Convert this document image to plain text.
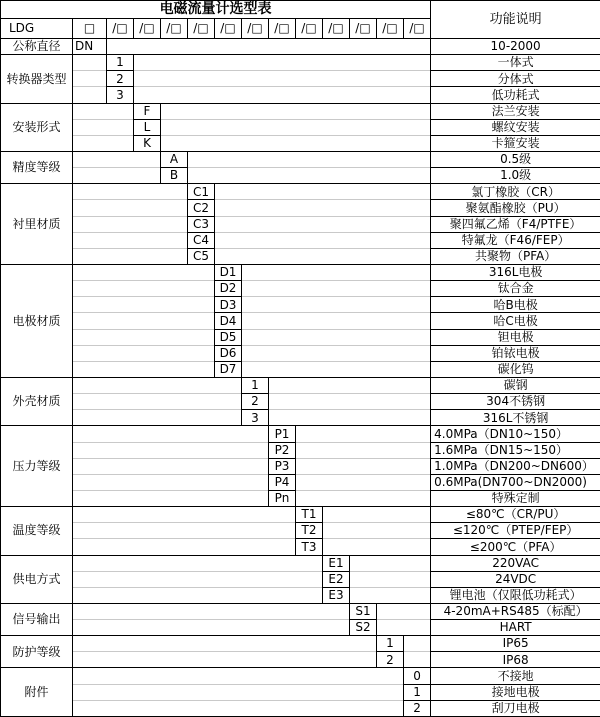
电磁流量计选型表														功能说明
LDG	□	/□	/□	/□	/□	/□	/□	/□	/□	/□	/□	/□	/□	
公称直径	DN													10-2000
转换器类型		1												一体式
		2												分体式
		3												低功耗式
安装形式			F											法兰安装
			L											螺纹安装
			K											卡箍安装
精度等级				A										0.5级
				B										1.0级
衬里材质					C1									氯丁橡胶（CR）
					C2									聚氨酯橡胶（PU）
					C3									聚四氟乙烯（F4/PTFE）
					C4									特氟龙（F46/FEP）
					C5									共聚物（PFA）
电极材质						D1								316L电极
						D2								钛合金
						D3								哈B电极
						D4								哈C电极
						D5								钽电极
						D6								铂铱电极
						D7								碳化钨
外壳材质							1							碳钢
							2							304不锈钢
							3							316L不锈钢
压力等级								P1						4.0MPa（DN10~150）
								P2						1.6MPa（DN15~150）
								P3						1.0MPa（DN200~DN600）
								P4						0.6MPa(DN700~DN2000)
								Pn						特殊定制
温度等级									T1					≤80℃（CR/PU）
									T2					≤120℃（PTEP/FEP）
									T3					≤200℃（PFA）
供电方式										E1				220VAC
										E2				24VDC
										E3				锂电池（仅限低功耗式）
信号输出											S1			4-20mA+RS485（标配）
											S2			HART
防护等级												1		IP65
												2		IP68
附件													0	不接地
													1	接地电极
													2	刮刀电极
